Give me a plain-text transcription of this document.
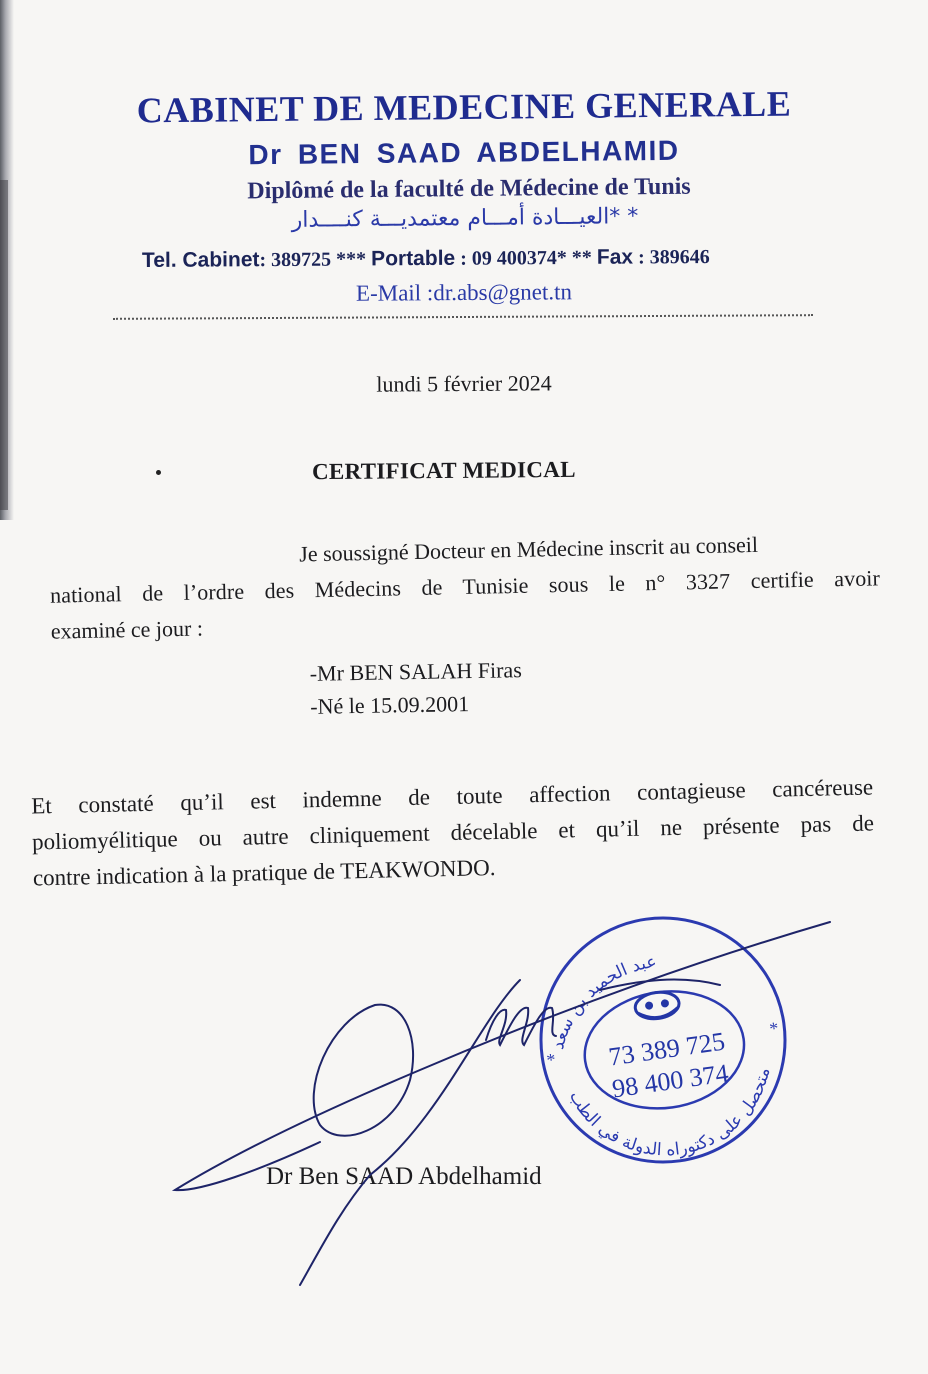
CABINET DE MEDECINE GENERALE
Dr BEN SAAD ABDELHAMID
Diplômé de la faculté de Médecine de Tunis
* *العيـــادة أمـــام معتمديـــة كنــــدار
Tel. Cabinet: 389725 *** Portable : 09 400374* ** Fax : 389646
E-Mail :dr.abs@gnet.tn
lundi 5 février 2024
CERTIFICAT MEDICAL
Je soussigné Docteur en Médecine inscrit au conseil
national de l’ordre des Médecins de Tunisie sous le n° 3327 certifie avoir
examiné ce jour :
-Mr BEN SALAH Firas
-Né le 15.09.2001
Et constaté qu’il est indemne de toute affection contagieuse cancéreuse
poliomyélitique ou autre cliniquement décelable et qu’il ne présente pas de
contre indication à la pratique de TEAKWONDO.
Dr Ben SAAD Abdelhamid
عبد الحميد بن سعد
متحصل على دكتوراه الدولة في الطب
73 389 725
98 400 374
*
*
